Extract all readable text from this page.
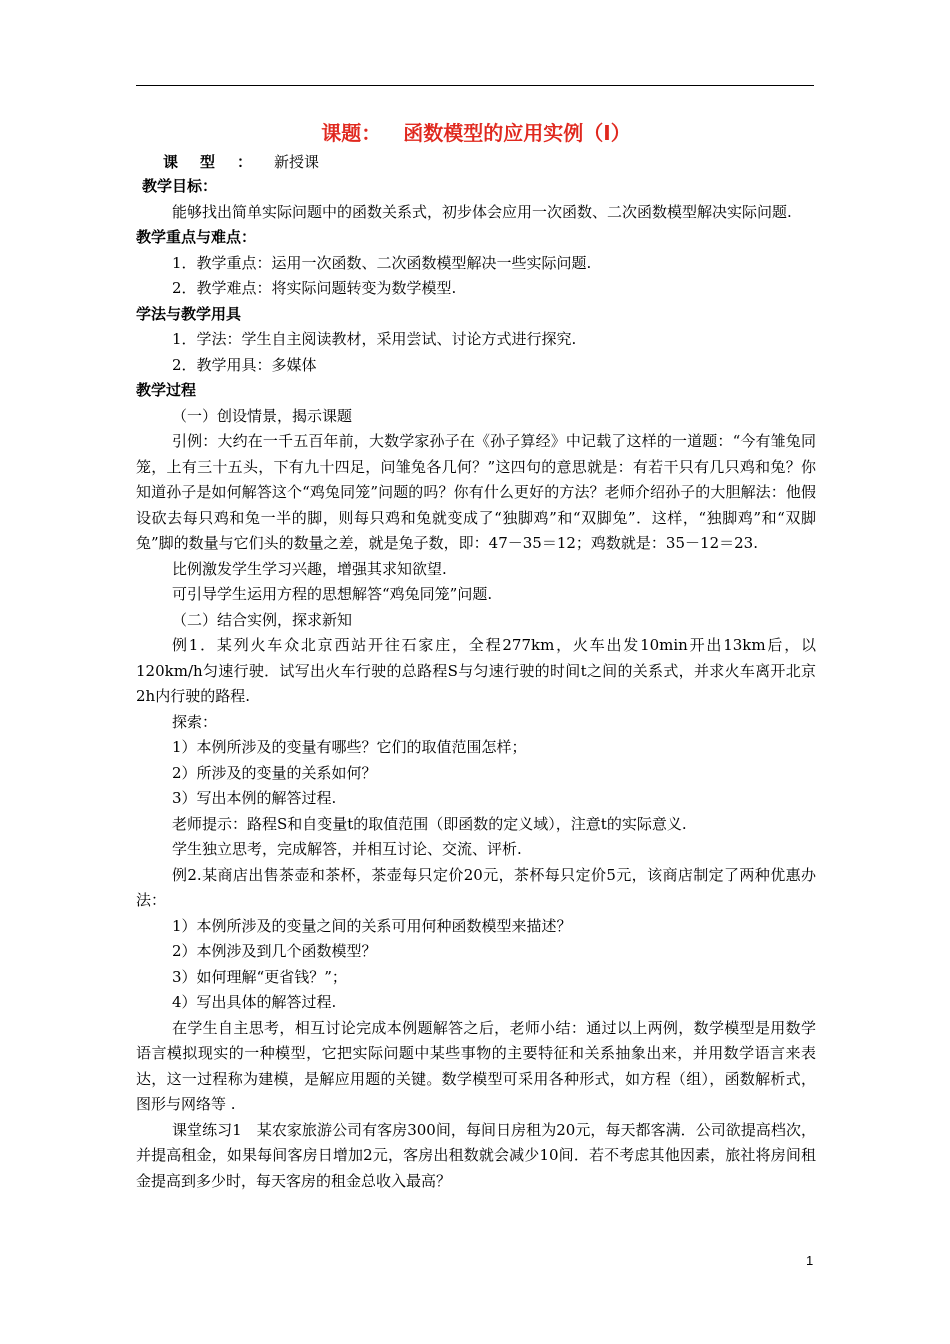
课题： 函数模型的应用实例（Ⅰ）
课型：新授课
教学目标：

能够找出简单实际问题中的函数关系式，初步体会应用一次函数、二次函数模型解决实际问题.

教学重点与难点：

1．教学重点：运用一次函数、二次函数模型解决一些实际问题.

2．教学难点：将实际问题转变为数学模型.

学法与教学用具

1．学法：学生自主阅读教材，采用尝试、讨论方式进行探究.

2．教学用具：多媒体

教学过程

（一）创设情景，揭示课题

引例：大约在一千五百年前，大数学家孙子在《孙子算经》中记载了这样的一道题：“今有雏兔同笼，上有三十五头，下有九十四足，问雏兔各几何？”这四句的意思就是：有若干只有几只鸡和兔？你知道孙子是如何解答这个“鸡兔同笼”问题的吗？你有什么更好的方法？老师介绍孙子的大胆解法：他假设砍去每只鸡和兔一半的脚，则每只鸡和兔就变成了“独脚鸡”和“双脚兔”．这样，“独脚鸡”和“双脚兔”脚的数量与它们头的数量之差，就是兔子数，即：47－35＝12；鸡数就是：35－12＝23.

比例激发学生学习兴趣，增强其求知欲望.

可引导学生运用方程的思想解答“鸡兔同笼”问题.

（二）结合实例，探求新知

例1．某列火车众北京西站开往石家庄，全程277km，火车出发10min开出13km后，以120km/h匀速行驶．试写出火车行驶的总路程S与匀速行驶的时间t之间的关系式，并求火车离开北京2h内行驶的路程.

探索：

1）本例所涉及的变量有哪些？它们的取值范围怎样；

2）所涉及的变量的关系如何？

3）写出本例的解答过程.

老师提示：路程S和自变量t的取值范围（即函数的定义域），注意t的实际意义.

学生独立思考，完成解答，并相互讨论、交流、评析.

例2.某商店出售茶壶和茶杯，茶壶每只定价20元，茶杯每只定价5元，该商店制定了两种优惠办法：

1）本例所涉及的变量之间的关系可用何种函数模型来描述？

2）本例涉及到几个函数模型？

3）如何理解“更省钱？”；

4）写出具体的解答过程.

在学生自主思考，相互讨论完成本例题解答之后，老师小结：通过以上两例，数学模型是用数学语言模拟现实的一种模型，它把实际问题中某些事物的主要特征和关系抽象出来，并用数学语言来表达，这一过程称为建模，是解应用题的关键。数学模型可采用各种形式，如方程（组），函数解析式，图形与网络等 .

课堂练习1　某农家旅游公司有客房300间，每间日房租为20元，每天都客满．公司欲提高档次，并提高租金，如果每间客房日增加2元，客房出租数就会减少10间．若不考虑其他因素，旅社将房间租金提高到多少时，每天客房的租金总收入最高？

1
